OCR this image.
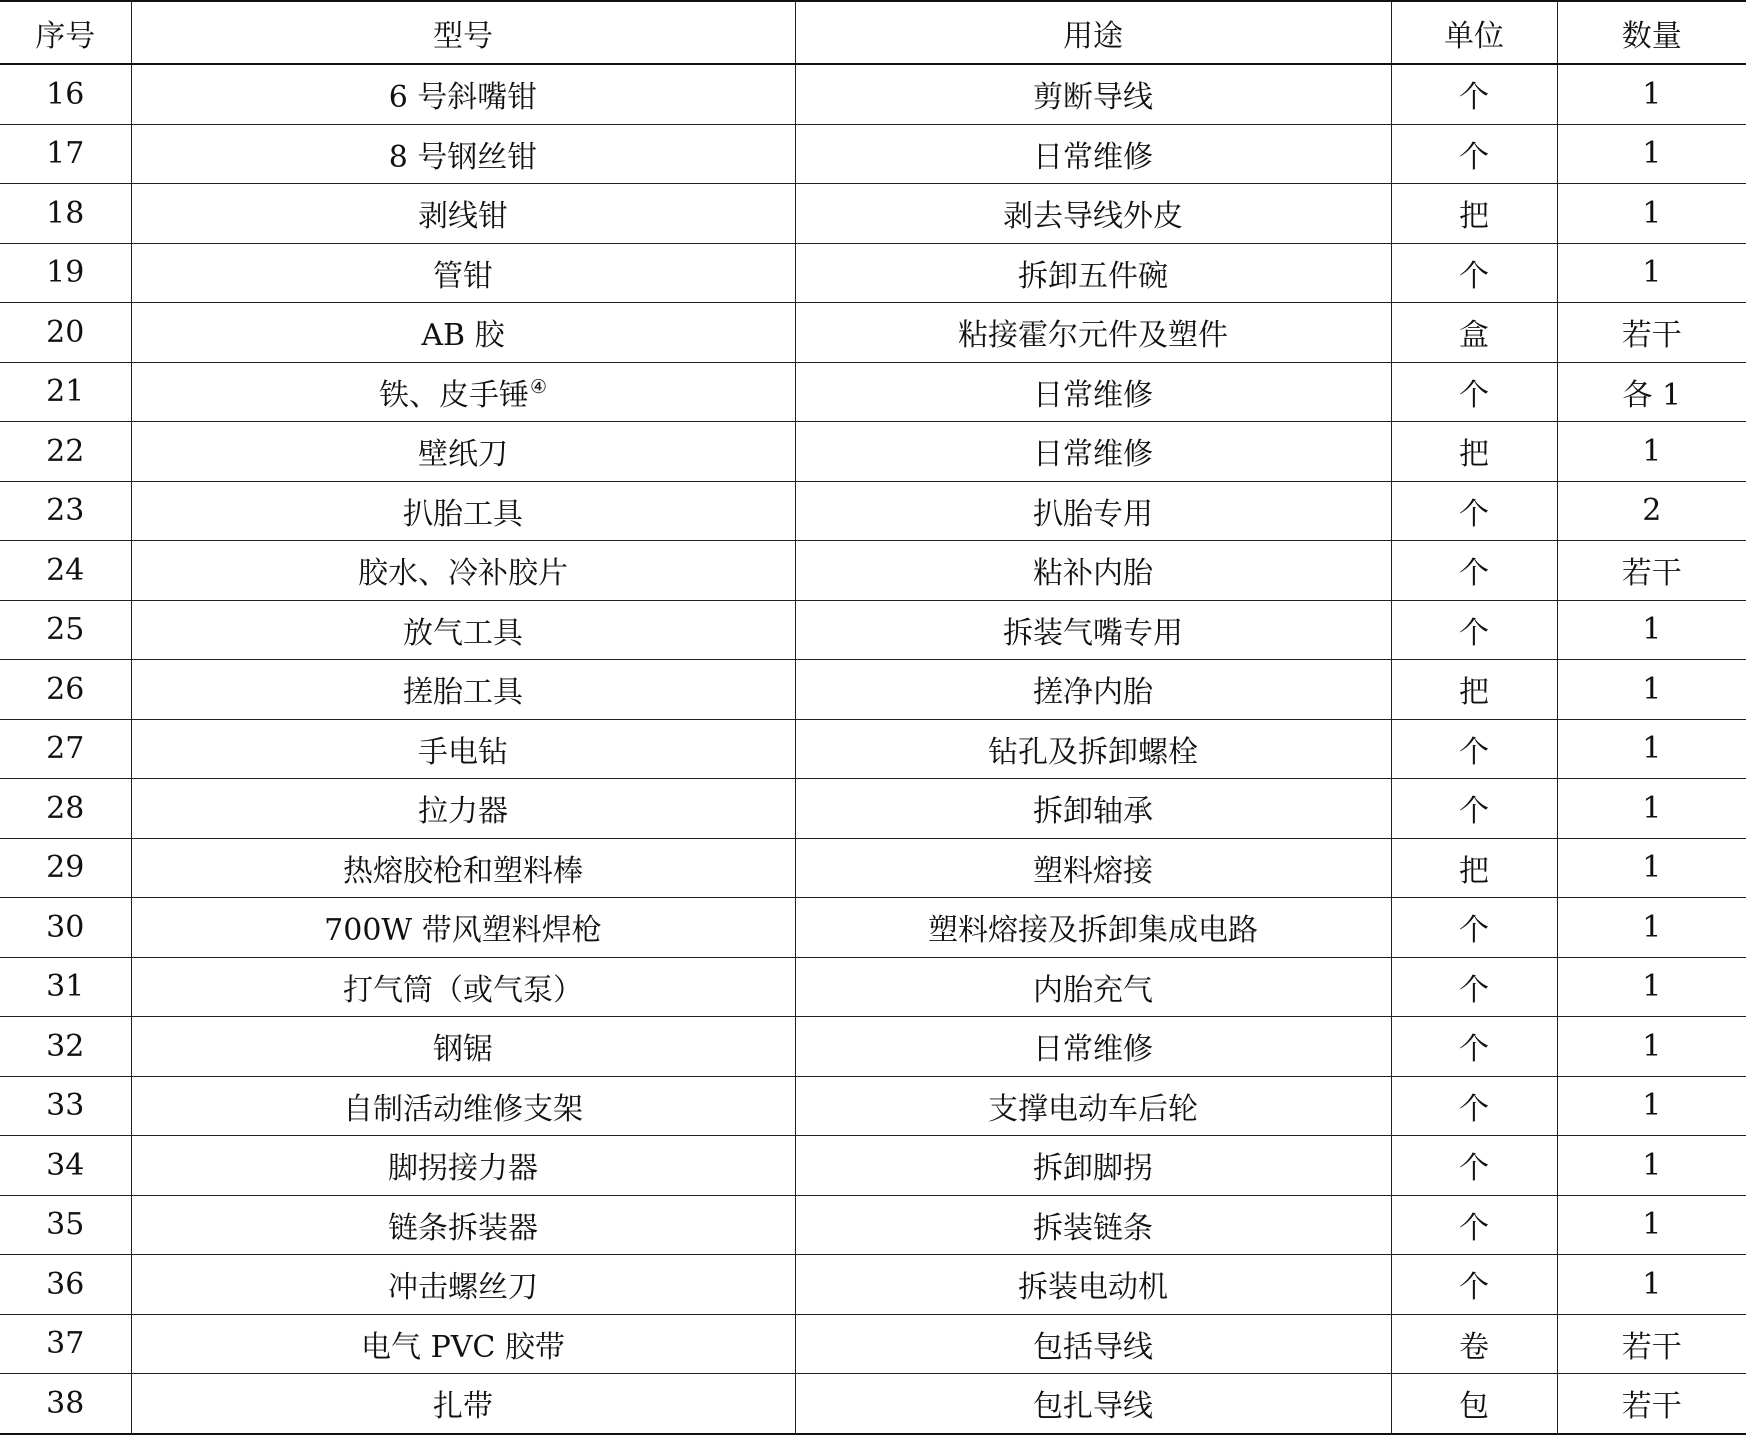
序号	型号	用途	单位	数量
16	6 号斜嘴钳	剪断导线	个	1
17	8 号钢丝钳	日常维修	个	1
18	剥线钳	剥去导线外皮	把	1
19	管钳	拆卸五件碗	个	1
20	AB 胶	粘接霍尔元件及塑件	盒	若干
21	铁、皮手锤④	日常维修	个	各 1
22	壁纸刀	日常维修	把	1
23	扒胎工具	扒胎专用	个	2
24	胶水、冷补胶片	粘补内胎	个	若干
25	放气工具	拆装气嘴专用	个	1
26	搓胎工具	搓净内胎	把	1
27	手电钻	钻孔及拆卸螺栓	个	1
28	拉力器	拆卸轴承	个	1
29	热熔胶枪和塑料棒	塑料熔接	把	1
30	700W 带风塑料焊枪	塑料熔接及拆卸集成电路	个	1
31	打气筒（或气泵）	内胎充气	个	1
32	钢锯	日常维修	个	1
33	自制活动维修支架	支撑电动车后轮	个	1
34	脚拐接力器	拆卸脚拐	个	1
35	链条拆装器	拆装链条	个	1
36	冲击螺丝刀	拆装电动机	个	1
37	电气 PVC 胶带	包括导线	卷	若干
38	扎带	包扎导线	包	若干
